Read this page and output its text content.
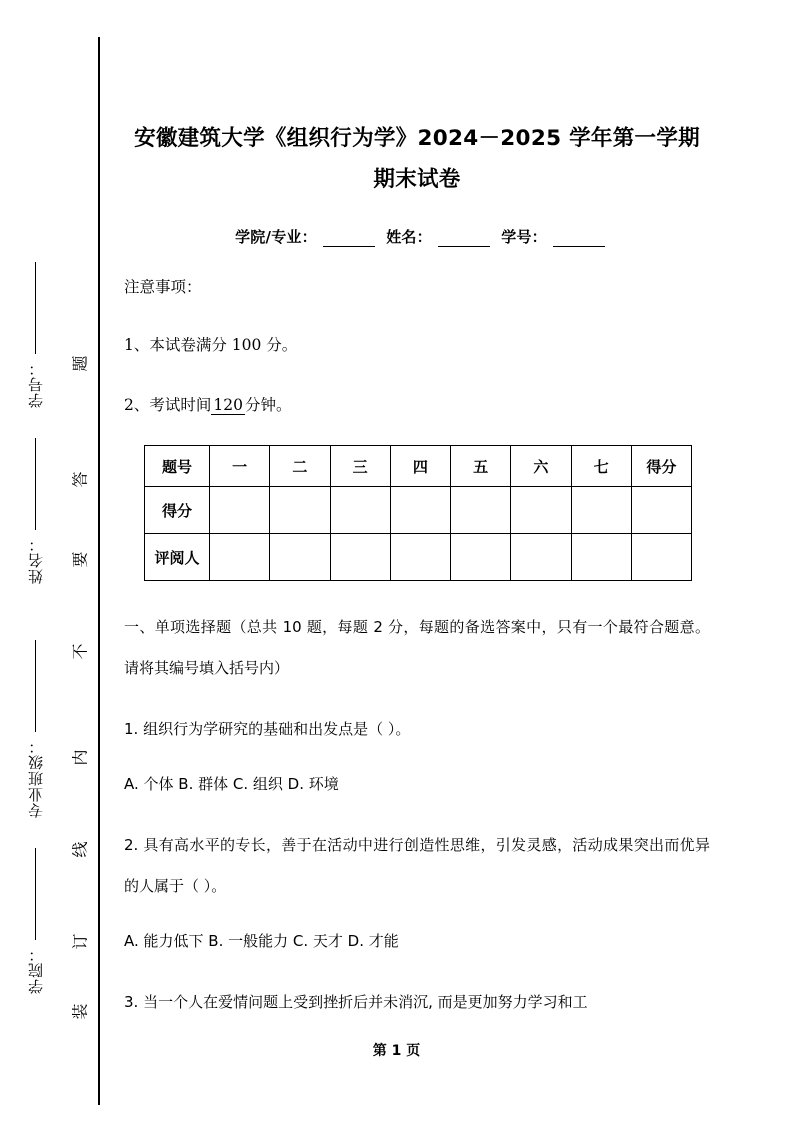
学号：
姓名：
专业班级：
学院：
题
答
要
不
内
线
订
装
安徽建筑大学《组织行为学》2024－2025 学年第一学期期末试卷
学院/专业：	姓名：	学号：
注意事项：
1、本试卷满分 100 分。
2、考试时间 120 分钟。
题号	一	二	三	四	五	六	七	得分
得分								
评阅人								
一、单项选择题（总共 10 题，每题 2 分，每题的备选答案中，只有一个最符合题意。请将其编号填入括号内）
1. 组织行为学研究的基础和出发点是（ ）。
A. 个体 B. 群体 C. 组织 D. 环境
2. 具有高水平的专长，善于在活动中进行创造性思维，引发灵感，活动成果突出而优异的人属于（ ）。
A. 能力低下 B. 一般能力 C. 天才 D. 才能
3. 当一个人在爱情问题上受到挫折后并未消沉, 而是更加努力学习和工
第 1 页
